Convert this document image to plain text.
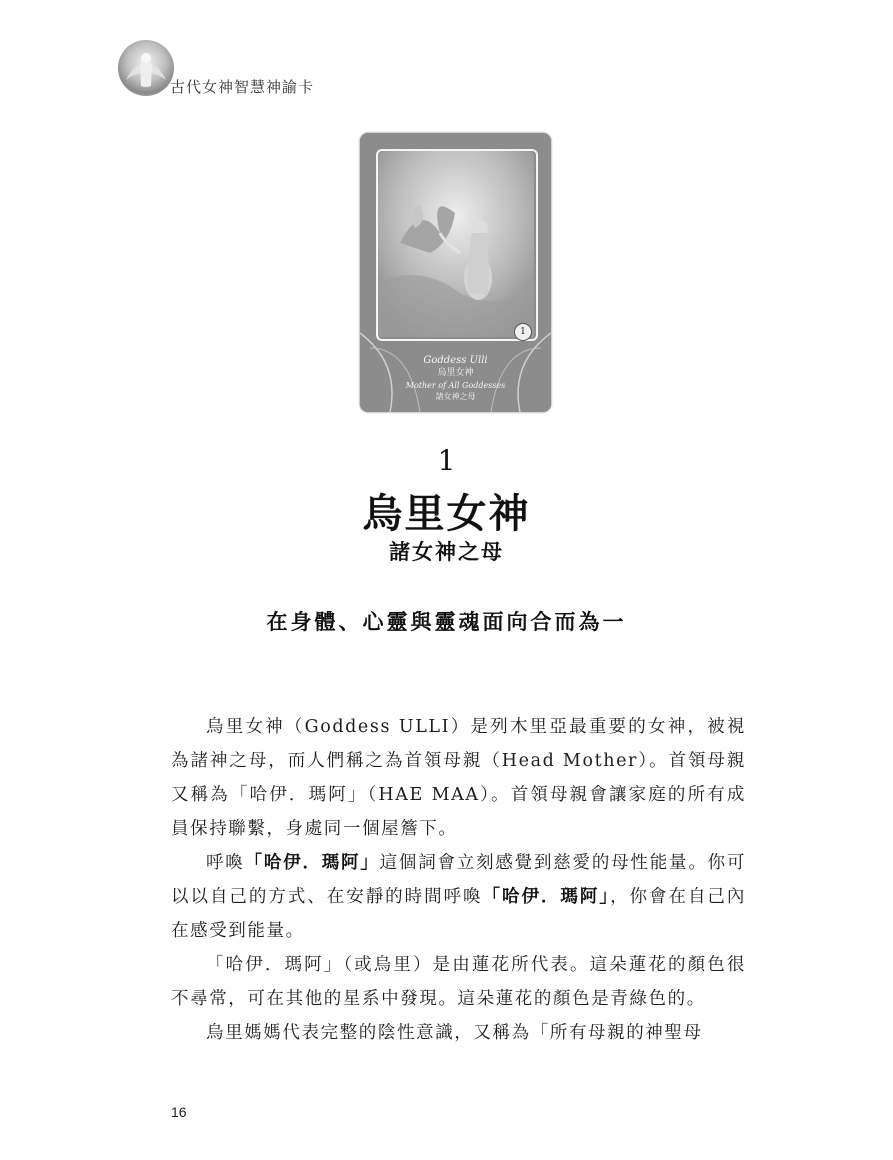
古代女神智慧神諭卡
1
Goddess Ulli
烏里女神
Mother of All Goddesses
諸女神之母
1
烏里女神
諸女神之母
在身體、心靈與靈魂面向合而為一

烏里女神（Goddess ULLI）是列木里亞最重要的女神，被視為諸神之母，而人們稱之為首領母親（Head Mother）。首領母親又稱為「哈伊．瑪阿」（HAE MAA）。首領母親會讓家庭的所有成員保持聯繫，身處同一個屋簷下。

呼喚「哈伊．瑪阿」這個詞會立刻感覺到慈愛的母性能量。你可以以自己的方式、在安靜的時間呼喚「哈伊．瑪阿」，你會在自己內在感受到能量。

「哈伊．瑪阿」（或烏里）是由蓮花所代表。這朵蓮花的顏色很不尋常，可在其他的星系中發現。這朵蓮花的顏色是青綠色的。

烏里媽媽代表完整的陰性意識，又稱為「所有母親的神聖母

16
